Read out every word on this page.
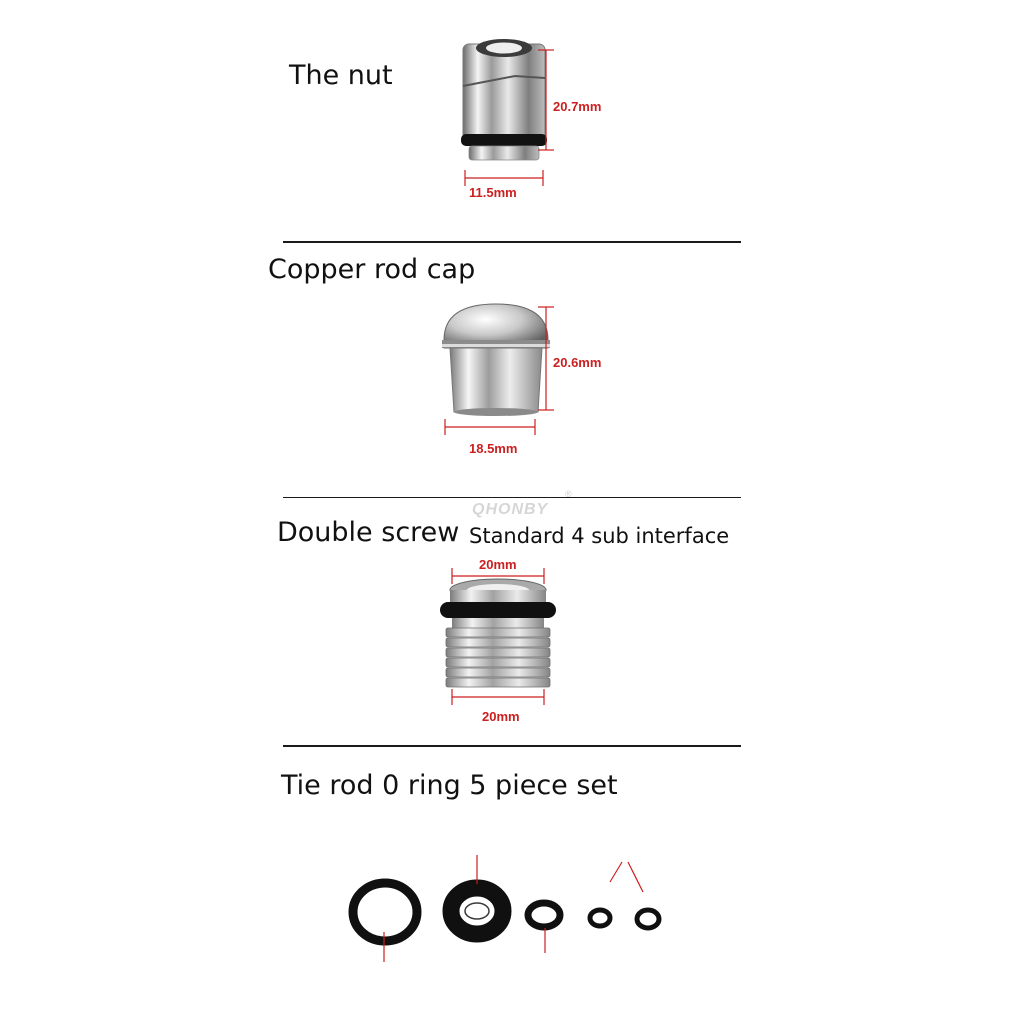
The nut
20.7mm
11.5mm
Copper rod cap
20.6mm
18.5mm
QHONBY
®
Double screw Standard 4 sub interface
20mm
20mm
Tie rod 0 ring 5 piece set
